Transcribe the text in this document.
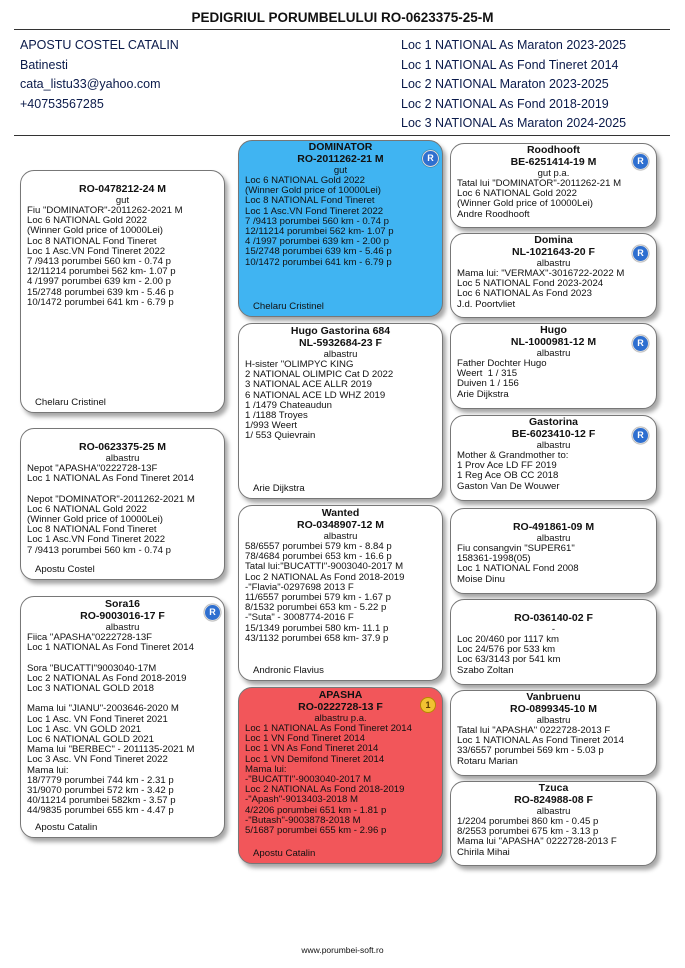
PEDIGRIUL PORUMBELULUI RO-0623375-25-M
APOSTU COSTEL CATALIN
Batinesti
cata_listu33@yahoo.com
+40753567285
Loc 1 NATIONAL As Maraton 2023-2025
Loc 1 NATIONAL As Fond Tineret 2014
Loc 2 NATIONAL Maraton 2023-2025
Loc 2 NATIONAL As Fond 2018-2019
Loc 3 NATIONAL As Maraton 2024-2025
RO-0478212-24 M
gut
Fiu "DOMINATOR"-2011262-2021 M
Loc 6 NATIONAL Gold 2022
(Winner Gold price of 10000Lei)
Loc 8 NATIONAL Fond Tineret
Loc 1 Asc.VN Fond Tineret 2022
7 /9413 porumbei 560 km - 0.74 p
12/11214 porumbei 562 km- 1.07 p
4 /1997 porumbei 639 km - 2.00 p
15/2748 porumbei 639 km - 5.46 p
10/1472 porumbei 641 km - 6.79 p
Chelaru Cristinel
RO-0623375-25 M
albastru
Nepot "APASHA"0222728-13F
Loc 1 NATIONAL As Fond Tineret 2014

Nepot "DOMINATOR"-2011262-2021 M
Loc 6 NATIONAL Gold 2022
(Winner Gold price of 10000Lei)
Loc 8 NATIONAL Fond Tineret
Loc 1 Asc.VN Fond Tineret 2022
7 /9413 porumbei 560 km - 0.74 p
Apostu Costel
R
Sora16
RO-9003016-17 F
albastru
Fiica "APASHA"0222728-13F
Loc 1 NATIONAL As Fond Tineret 2014

Sora "BUCATTI"9003040-17M
Loc 2 NATIONAL As Fond 2018-2019
Loc 3 NATIONAL GOLD 2018

Mama lui "JIANU"-2003646-2020 M
Loc 1 Asc. VN Fond Tineret 2021
Loc 1 Asc. VN GOLD 2021
Loc 6 NATIONAL GOLD 2021
Mama lui "BERBEC" - 2011135-2021 M
Loc 3 Asc. VN Fond Tineret 2022
Mama lui:
18/7779 porumbei 744 km - 2.31 p
31/9070 porumbei 572 km - 3.42 p
40/11214 porumbei 582km - 3.57 p
44/9835 porumbei 655 km - 4.47 p
Apostu Catalin
R
DOMINATOR
RO-2011262-21 M
gut
Loc 6 NATIONAL Gold 2022
(Winner Gold price of 10000Lei)
Loc 8 NATIONAL Fond Tineret
Loc 1 Asc.VN Fond Tineret 2022
7 /9413 porumbei 560 km - 0.74 p
12/11214 porumbei 562 km- 1.07 p
4 /1997 porumbei 639 km - 2.00 p
15/2748 porumbei 639 km - 5.46 p
10/1472 porumbei 641 km - 6.79 p
Chelaru Cristinel
Hugo Gastorina 684
NL-5932684-23 F
albastru
H-sister "OLIMPYC KING
2 NATIONAL OLIMPIC Cat D 2022
3 NATIONAL ACE ALLR 2019
6 NATIONAL ACE LD WHZ 2019
1 /1479 Chateaudun
1 /1188 Troyes
1/993 Weert
1/ 553 Quievrain
Arie Dijkstra
Wanted
RO-0348907-12 M
albastru
58/6557 porumbei 579 km - 8.84 p
78/4684 porumbei 653 km - 16.6 p
Tatal lui:"BUCATTI"-9003040-2017 M
Loc 2 NATIONAL As Fond 2018-2019
-"Flavia"-0297698 2013 F
11/6557 porumbei 579 km - 1.67 p
8/1532 porumbei 653 km - 5.22 p
-"Suta" - 3008774-2016 F
15/1349 porumbei 580 km- 11.1 p
43/1132 porumbei 658 km- 37.9 p
Andronic Flavius
1
APASHA
RO-0222728-13 F
albastru p.a.
Loc 1 NATIONAL As Fond Tineret 2014
Loc 1 VN Fond Tineret 2014
Loc 1 VN As Fond Tineret 2014
Loc 1 VN Demifond Tineret 2014
Mama lui:
-"BUCATTI"-9003040-2017 M
Loc 2 NATIONAL As Fond 2018-2019
-"Apash"-9013403-2018 M
4/2206 porumbei 651 km - 1.81 p
-"Butash"-9003878-2018 M
5/1687 porumbei 655 km - 2.96 p
Apostu Catalin
R
Roodhooft
BE-6251414-19 M
gut p.a.
Tatal lui "DOMINATOR"-2011262-21 M
Loc 6 NATIONAL Gold 2022
(Winner Gold price of 10000Lei)
Andre Roodhooft
R
Domina
NL-1021643-20 F
albastru
Mama lui: "VERMAX"-3016722-2022 M
Loc 5 NATIONAL Fond 2023-2024
Loc 6 NATIONAL As Fond 2023
J.d. Poortvliet
R
Hugo
NL-1000981-12 M
albastru
Father Dochter Hugo
Weert  1 / 315
Duiven 1 / 156
Arie Dijkstra
R
Gastorina
BE-6023410-12 F
albastru
Mother & Grandmother to:
1 Prov Ace LD FF 2019
1 Reg Ace OB CC 2018
Gaston Van De Wouwer
RO-491861-09 M
albastru
Fiu consangvin "SUPER61"
158361-1998(05)
Loc 1 NATIONAL Fond 2008
Moise Dinu
RO-036140-02 F
-
Loc 20/460 por 1117 km
Loc 24/576 por 533 km
Loc 63/3143 por 541 km
Szabo Zoltan
Vanbruenu
RO-0899345-10 M
albastru
Tatal lui "APASHA" 0222728-2013 F
Loc 1 NATIONAL As Fond Tineret 2014
33/6557 porumbei 569 km - 5.03 p
Rotaru Marian
Tzuca
RO-824988-08 F
albastru
1/2204 porumbei 860 km - 0.45 p
8/2553 porumbei 675 km - 3.13 p
Mama lui "APASHA" 0222728-2013 F
Chirila Mihai
www.porumbei-soft.ro
